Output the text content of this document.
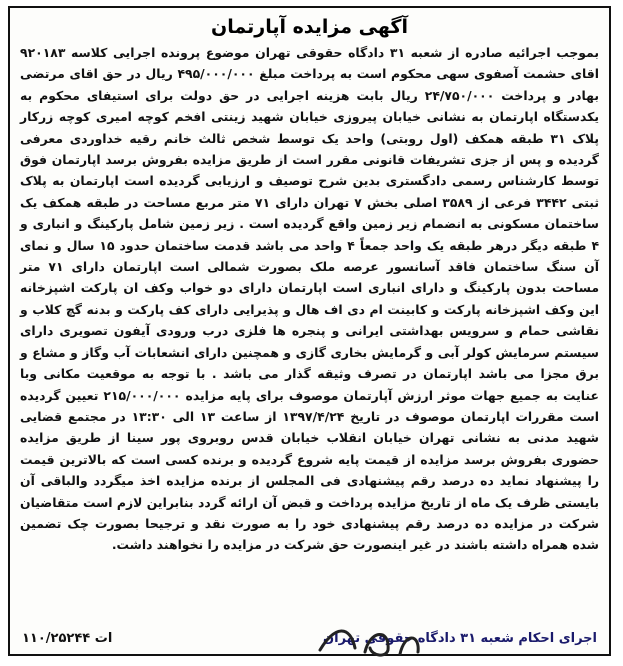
آگهی مزایده آپارتمان

بموجب اجرائیه صادره از شعبه ۳۱ دادگاه حقوقی تهران موضوع پرونده اجرایی کلاسه ۹۲۰۱۸۳ اقای حشمت آصفوی سهی محکوم است به پرداخت مبلغ ۴۹۵/۰۰۰/۰۰۰ ریال در حق اقای مرتضی بهادر و پرداخت ۲۴/۷۵۰/۰۰۰ ریال بابت هزینه اجرایی در حق دولت برای استیفای محکوم به یکدستگاه اپارتمان به نشانی خیابان پیروزی خیابان شهید زینتی افخم کوچه امیری کوچه زرکار پلاک ۳۱ طبقه همکف (اول روبتی) واحد یک توسط شخص ثالث خانم رقیه خداوردی معرفی گردیده و پس از جزی تشریفات قانونی مقرر است از طریق مزایده بفروش برسد اپارتمان فوق توسط کارشناس رسمی دادگستری بدین شرح توصیف و ارزیابی گردیده است اپارتمان به پلاک ثبتی ۳۴۴۲ فرعی از ۳۵۸۹ اصلی بخش ۷ تهران دارای ۷۱ متر مربع مساحت در طبقه همکف یک ساختمان مسکونی به انضمام زیر زمین واقع گردیده است . زیر زمین شامل پارکینگ و انباری و ۴ طبقه دیگر درهر طبقه یک واحد جمعاً ۴ واحد می باشد قدمت ساختمان حدود ۱۵ سال و نمای آن سنگ ساختمان فاقد آسانسور عرصه ملک بصورت شمالی است اپارتمان دارای ۷۱ متر مساحت بدون پارکینگ و دارای انباری است اپارتمان دارای دو خواب وکف ان پارکت اشپزخانه این وکف اشپزخانه پارکت و کابینت ام دی اف هال و پذیرایی دارای کف پارکت و بدنه گچ کلاب و نقاشی حمام و سرویس بهداشتی ایرانی و پنجره ها فلزی درب ورودی آیفون تصویری دارای سیستم سرمایش کولر آبی و گرمایش بخاری گازی و همچنین دارای انشعابات آب وگاز و مشاع و برق مجزا می باشد اپارتمان در تصرف وثیقه گذار می باشد . با توجه به موقعیت مکانی وبا عنایت به جمیع جهات موثر ارزش آپارتمان موصوف برای پایه مزایده ۲۱۵/۰۰۰/۰۰۰ تعیین گردیده است مقررات اپارتمان موصوف در تاریخ ۱۳۹۷/۴/۲۴ از ساعت ۱۳ الی ۱۳:۳۰ در مجتمع قضایی شهید مدنی به نشانی تهران خیابان انقلاب خیابان قدس روبروی پور سینا از طریق مزایده حضوری بفروش برسد مزایده از قیمت پایه شروع گردیده و برنده کسی است که بالاترین قیمت را پیشنهاد نماید ده درصد رقم پیشنهادی فی المجلس از برنده مزایده اخذ میگردد والباقی آن بایستی ظرف یک ماه از تاریخ مزایده پرداخت و قبض آن ارائه گردد بنابراین لازم است متقاضیان شرکت در مزایده ده درصد رقم پیشنهادی خود را به صورت نقد و ترجیحا بصورت چک تضمین شده همراه داشته باشند در غیر اینصورت حق شرکت در مزایده را نخواهند داشت.

اجرای احکام شعبه ۳۱ دادگاه حقوقی تهران
۱۱۰/۲۵۲۴۴ ات
